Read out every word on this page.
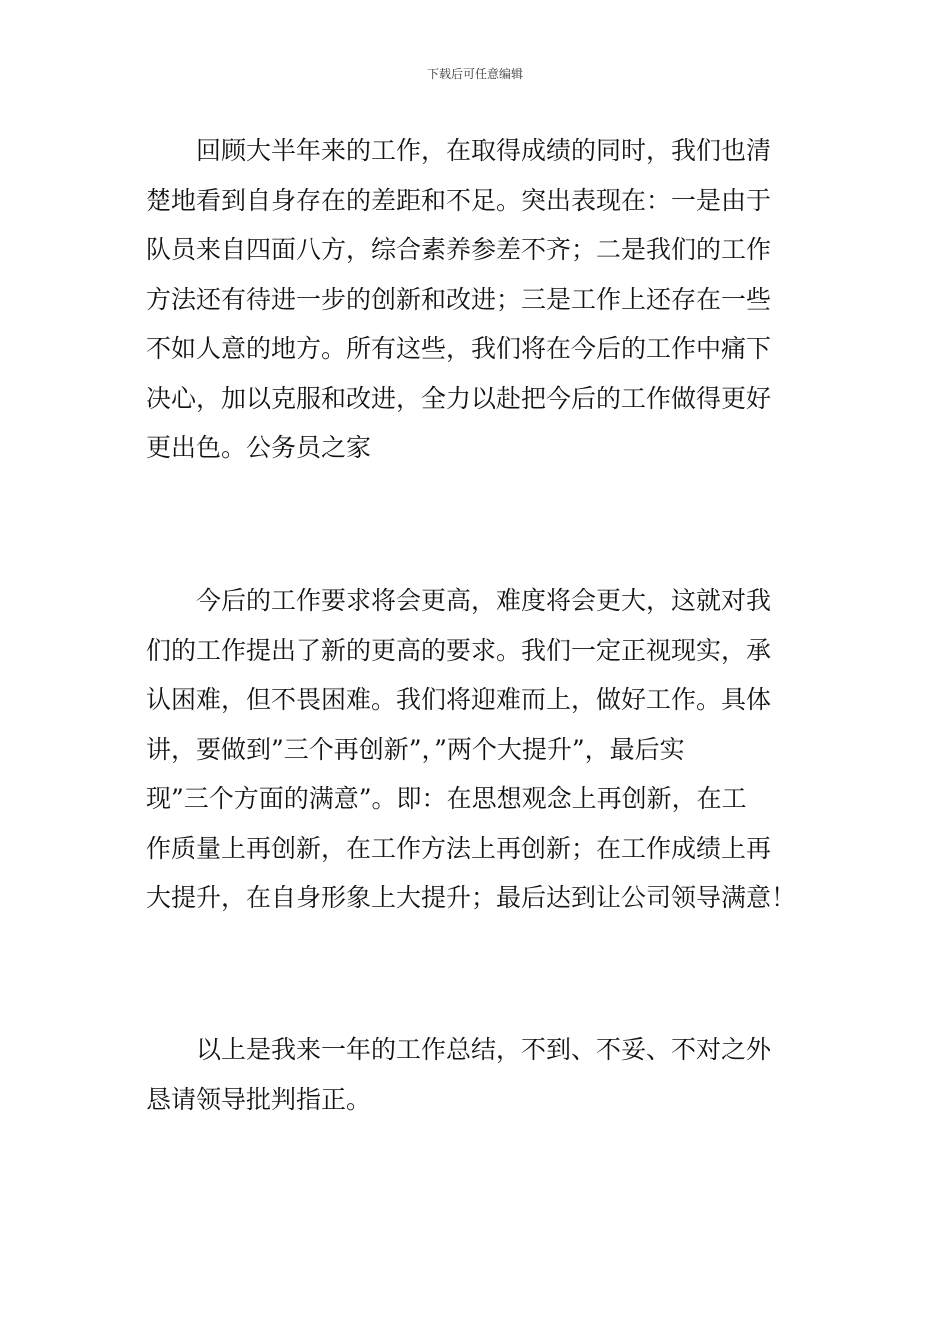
下载后可任意编辑
回顾大半年来的工作，在取得成绩的同时，我们也清
楚地看到自身存在的差距和不足。突出表现在：一是由于
队员来自四面八方，综合素养参差不齐；二是我们的工作
方法还有待进一步的创新和改进；三是工作上还存在一些
不如人意的地方。所有这些，我们将在今后的工作中痛下
决心，加以克服和改进，全力以赴把今后的工作做得更好
更出色。公务员之家
今后的工作要求将会更高，难度将会更大，这就对我
们的工作提出了新的更高的要求。我们一定正视现实，承
认困难，但不畏困难。我们将迎难而上，做好工作。具体
讲，要做到”三个再创新”，”两个大提升”，最后实
现”三个方面的满意”。即：在思想观念上再创新，在工
作质量上再创新，在工作方法上再创新；在工作成绩上再
大提升，在自身形象上大提升；最后达到让公司领导满意！
以上是我来一年的工作总结，不到、不妥、不对之外
恳请领导批判指正。
